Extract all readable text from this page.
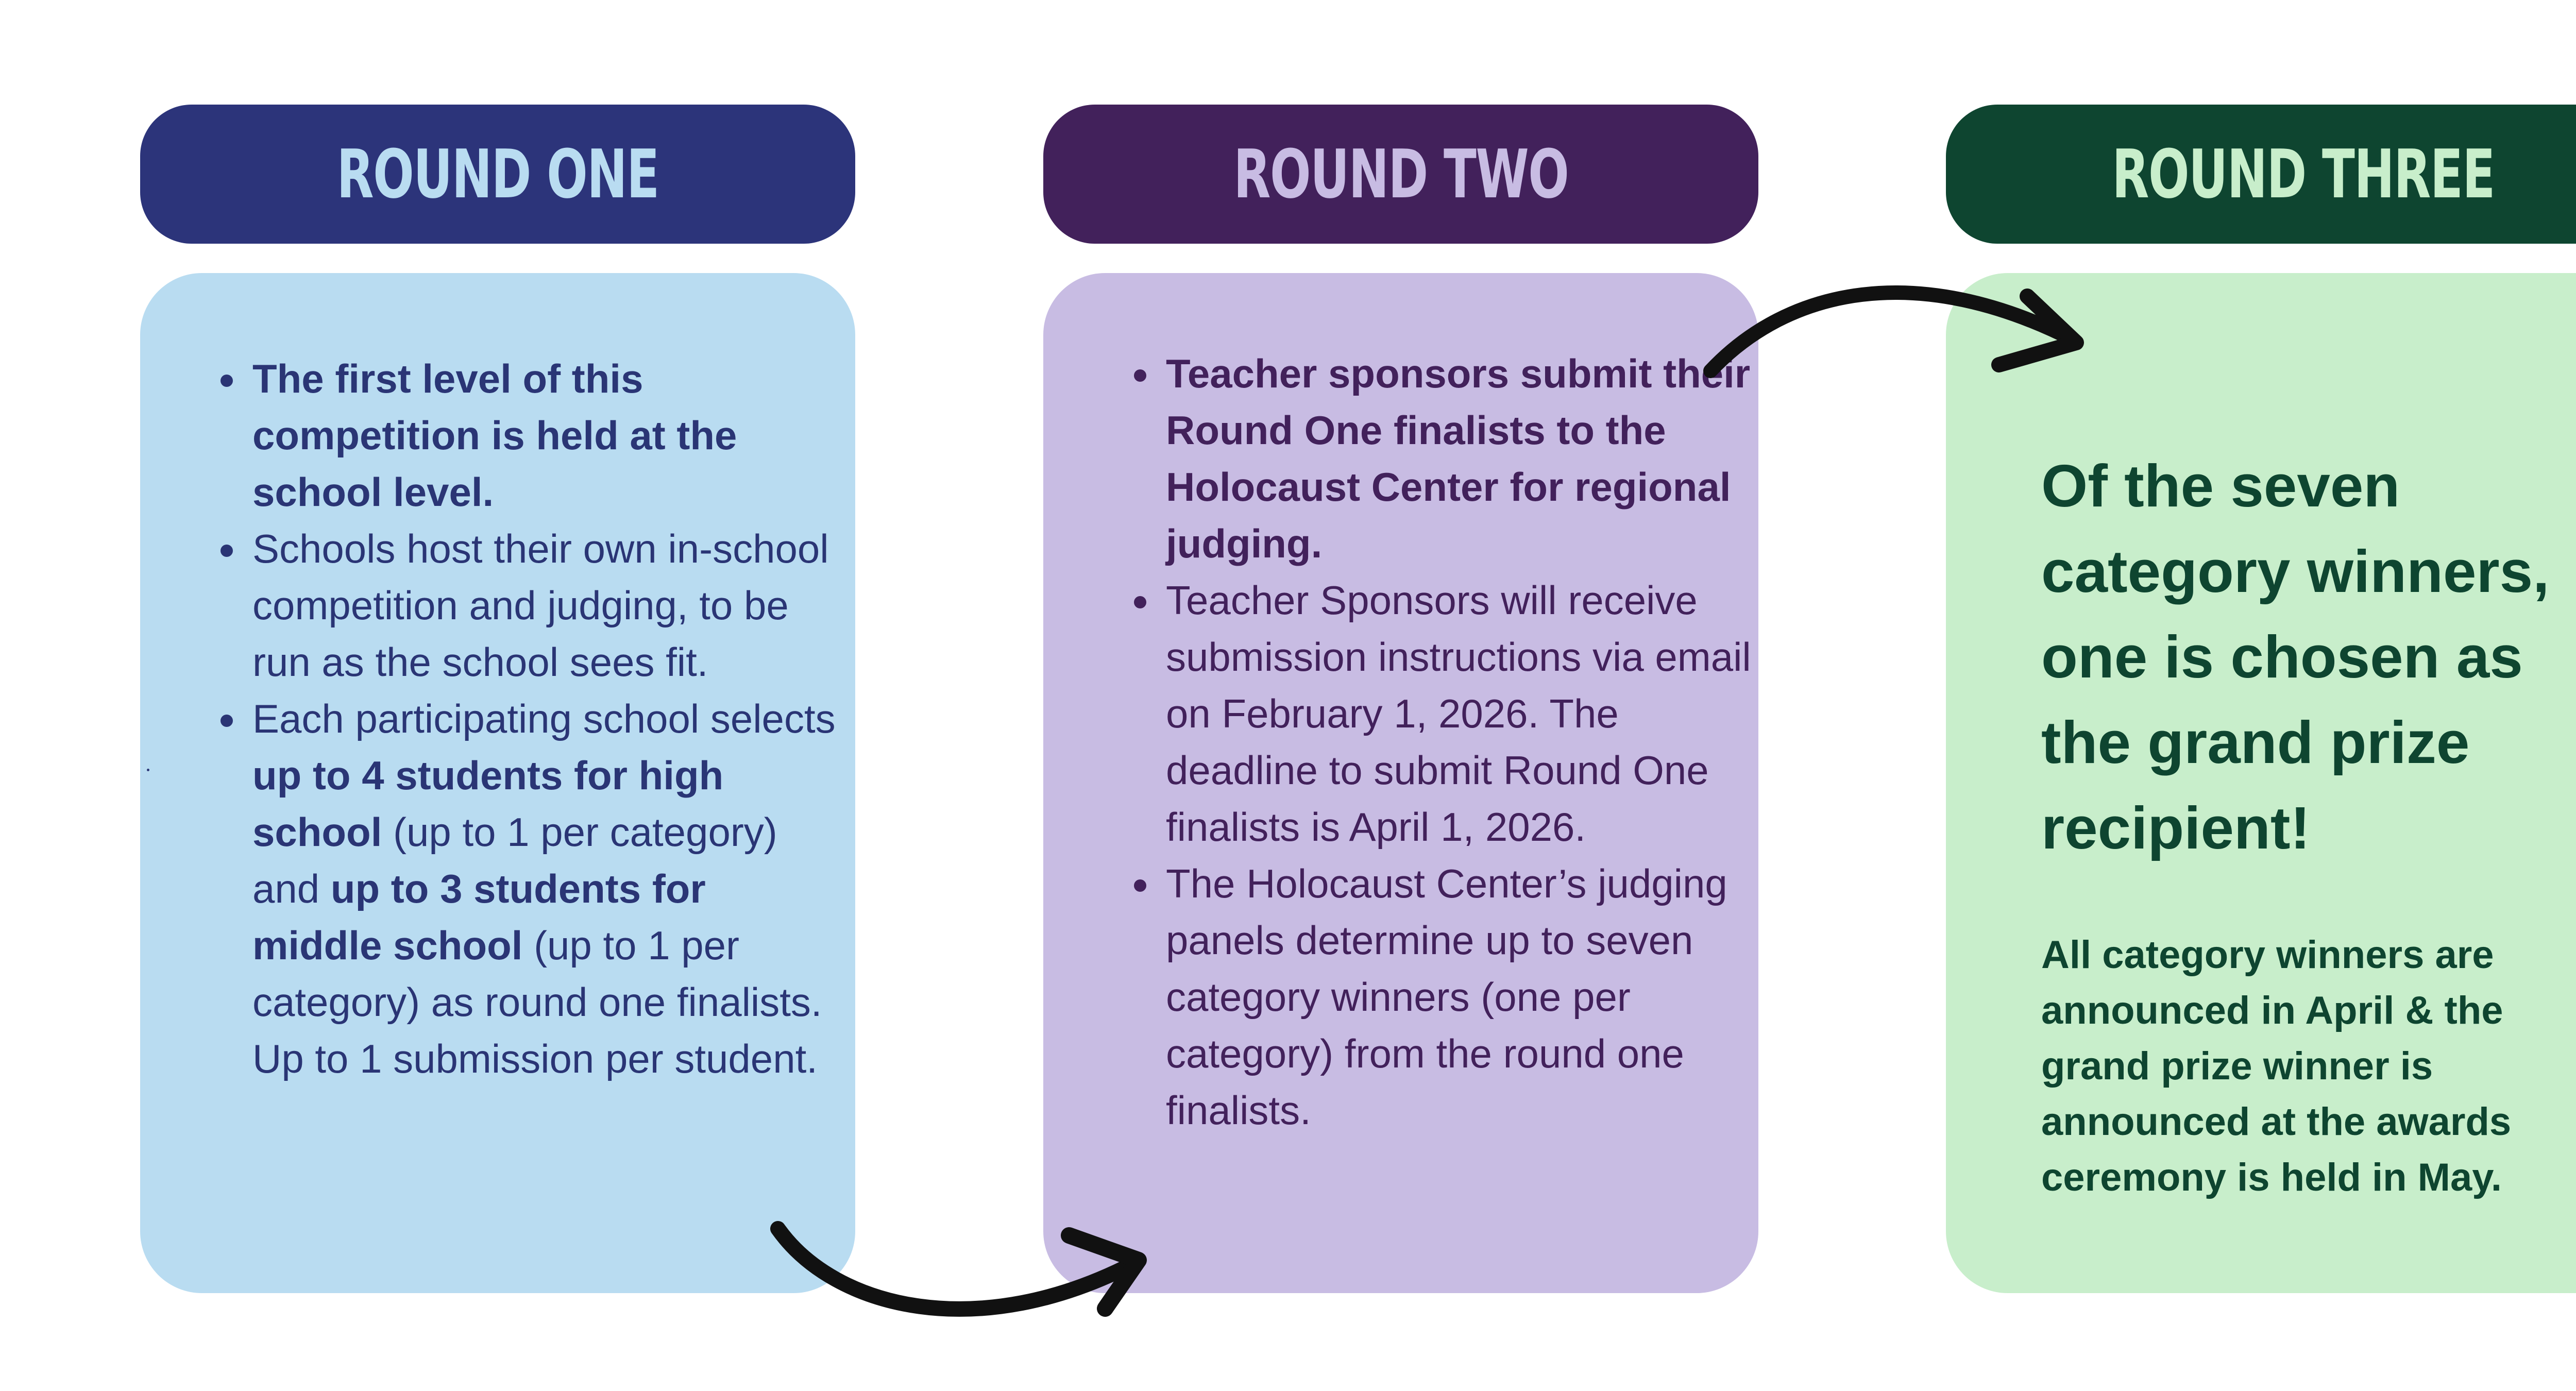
ROUND ONE
• The first level of this competition is held at the school level.
• Schools host their own in-school competition and judging, to be run as the school sees fit.
• Each participating school selects up to 4 students for high school (up to 1 per category) and up to 3 students for middle school (up to 1 per category) as round one finalists. Up to 1 submission per student.
ROUND TWO
• Teacher sponsors submit their Round One finalists to the Holocaust Center for regional judging.
• Teacher Sponsors will receive submission instructions via email on February 1, 2026. The deadline to submit Round One finalists is April 1, 2026.
• The Holocaust Center’s judging panels determine up to seven category winners (one per category) from the round one finalists.
ROUND THREE
Of the seven category winners, one is chosen as the grand prize recipient!
All category winners are announced in April & the grand prize winner is announced at the awards ceremony is held in May.
